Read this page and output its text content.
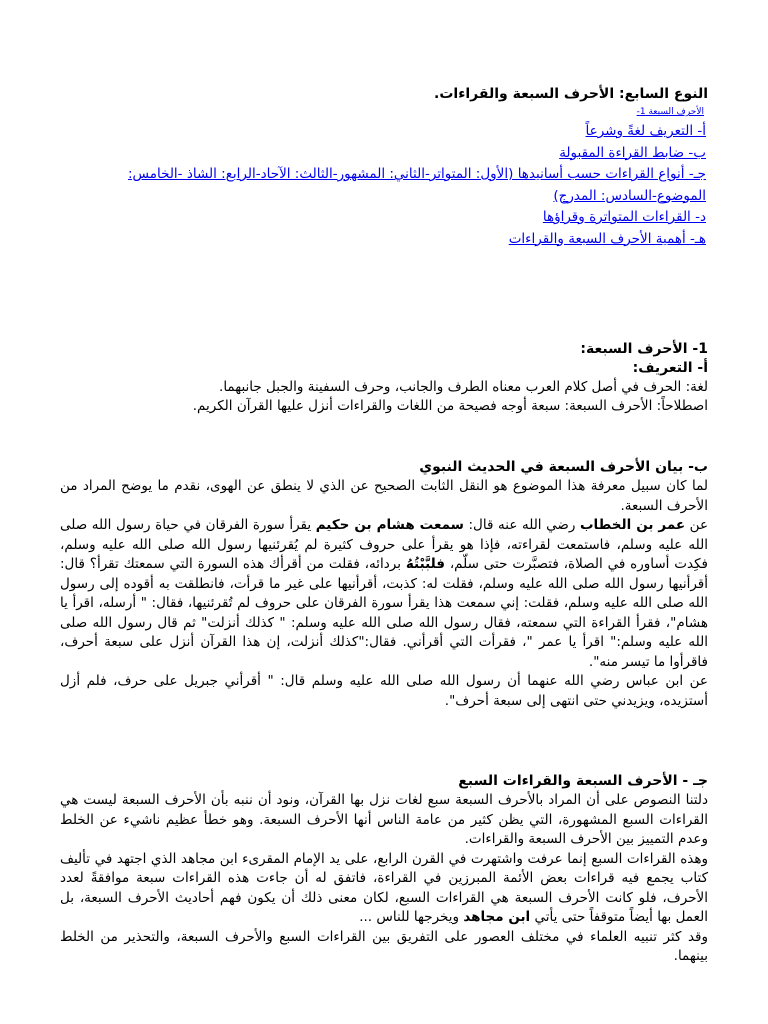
النوع السابع: الأحرف السبعة والقراءات.
الأحرف السبعة 1-
أ- التعريف لغةً وشرعاً
ب- ضابط القراءة المقبولة
جـ- أنواع القراءات حسب أسانيدها (الأول: المتواتر-الثاني: المشهور-الثالث: الآحاد-الرابع: الشاذ -الخامس:
الموضوع-السادس: المدرج)
د- القراءات المتواترة وقراؤها
هـ- أهمية الأحرف السبعة والقراءات
1- الأحرف السبعة:
أ- التعريف:

لغة: الحرف في أصل كلام العرب معناه الطرف والجانب، وحرف السفينة والجبل جانبهما.

اصطلاحاً: الأحرف السبعة: سبعة أوجه فصيحة من اللغات والقراءات أنزل عليها القرآن الكريم.

ب- بيان الأحرف السبعة في الحديث النبوي

لما كان سبيل معرفة هذا الموضوع هو النقل الثابت الصحيح عن الذي لا ينطق عن الهوى، نقدم ما يوضح المراد من الأحرف السبعة.

عن عمر بن الخطاب رضي الله عنه قال: سمعت هشام بن حكيم يقرأ سورة الفرقان في حياة رسول الله صلى الله عليه وسلم، فاستمعت لقراءته، فإذا هو يقرأ على حروف كثيرة لم يُقرئنيها رسول الله صلى الله عليه وسلم، فكِدت أساوره في الصلاة، فتصبَّرت حتى سلّم، فلبَّبْتُهُ بردائه، فقلت من أقرأك هذه السورة التي سمعتك تقرأ؟ قال: أقرأنيها رسول الله صلى الله عليه وسلم، فقلت له: كذبت، أقرأنيها على غير ما قرأت، فانطلقت به أقوده إلى رسول الله صلى الله عليه وسلم، فقلت: إني سمعت هذا يقرأ سورة الفرقان على حروف لم تُقرئنيها، فقال: " أرسله، اقرأ يا هشام"، فقرأ القراءة التي سمعته، فقال رسول الله صلى الله عليه وسلم: " كذلك أنزلت" ثم قال رسول الله صلى الله عليه وسلم:" اقرأ يا عمر "، فقرأت التي أقرأني. فقال:"كذلك أنزلت، إن هذا القرآن أنزل على سبعة أحرف، فاقرأوا ما تيسر منه".

عن ابن عباس رضي الله عنهما أن رسول الله صلى الله عليه وسلم قال: " أقرأني جبريل على حرف، فلم أزل أستزيده، ويزيدني حتى انتهى إلى سبعة أحرف".

جـ - الأحرف السبعة والقراءات السبع

دلتنا النصوص على أن المراد بالأحرف السبعة سبع لغات نزل بها القرآن، ونود أن ننبه بأن الأحرف السبعة ليست هي القراءات السبع المشهورة، التي يظن كثير من عامة الناس أنها الأحرف السبعة. وهو خطأ عظيم ناشيء عن الخلط وعدم التمييز بين الأحرف السبعة والقراءات.

وهذه القراءات السبع إنما عرفت واشتهرت في القرن الرابع، على يد الإمام المقرىء ابن مجاهد الذي اجتهد في تأليف كتاب يجمع فيه قراءات بعض الأئمة المبرزين في القراءة، فاتفق له أن جاءت هذه القراءات سبعة موافقةً لعدد الأحرف، فلو كانت الأحرف السبعة هي القراءات السبع، لكان معنى ذلك أن يكون فهم أحاديث الأحرف السبعة، بل العمل بها أيضاً متوقفاً حتى يأتي ابن مجاهد ويخرجها للناس ...

وقد كثر تنبيه العلماء في مختلف العصور على التفريق بين القراءات السبع والأحرف السبعة، والتحذير من الخلط بينهما.
